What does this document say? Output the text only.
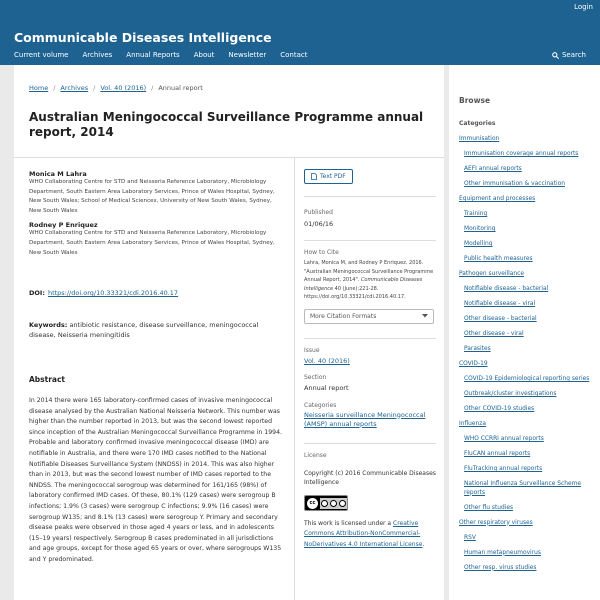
Login
Communicable Diseases Intelligence
Current volume Archives Annual Reports About Newsletter Contact	Search
Home / Archives / Vol. 40 (2016) / Annual report
Australian Meningococcal Surveillance Programme annual report, 2014
Monica M Lahra
WHO Collaborating Centre for STD and Neisseria Reference Laboratory, Microbiology Department, South Eastern Area Laboratory Services, Prince of Wales Hospital, Sydney, New South Wales; School of Medical Sciences, University of New South Wales, Sydney, New South Wales
Rodney P Enriquez
WHO Collaborating Centre for STD and Neisseria Reference Laboratory, Microbiology Department, South Eastern Area Laboratory Services, Prince of Wales Hospital, Sydney, New South Wales
DOI: https://doi.org/10.33321/cdi.2016.40.17
Keywords: antibiotic resistance, disease surveillance, meningococcal disease, Neisseria meningitidis
Abstract
In 2014 there were 165 laboratory-confirmed cases of invasive meningococcal disease analysed by the Australian National Neisseria Network. This number was higher than the number reported in 2013, but was the second lowest reported since inception of the Australian Meningococcal Surveillance Programme in 1994. Probable and laboratory confirmed invasive meningococcal disease (IMD) are notifiable in Australia, and there were 170 IMD cases notified to the National Notifiable Diseases Surveillance System (NNDSS) in 2014. This was also higher than in 2013, but was the second lowest number of IMD cases reported to the NNDSS. The meningococcal serogroup was determined for 161/165 (98%) of laboratory confirmed IMD cases. Of these, 80.1% (129 cases) were serogroup B infections; 1.9% (3 cases) were serogroup C infections; 9.9% (16 cases) were serogroup W135; and 8.1% (13 cases) were serogroup Y. Primary and secondary disease peaks were observed in those aged 4 years or less, and in adolescents (15–19 years) respectively. Serogroup B cases predominated in all jurisdictions and age groups, except for those aged 65 years or over, where serogroups W135 and Y predominated.
Text PDF
Published
01/06/16
How to Cite
Lahra, Monica M, and Rodney P Enriquez. 2016. "Australian Meningococcal Surveillance Programme Annual Report, 2014". Communicable Diseases Intelligence 40 (June):221-28. https://doi.org/10.33321/cdi.2016.40.17.
More Citation Formats
Issue
Vol. 40 (2016)
Section
Annual report
Categories
Neisseria surveillance Meningococcal (AMSP) annual reports
License
Copyright (c) 2016 Communicable Diseases Intelligence
cc
This work is licensed under a Creative Commons Attribution-NonCommercial-NoDerivatives 4.0 International License.
Browse
Categories
Immunisation
Immunisation coverage annual reports
AEFI annual reports
Other immunisation & vaccination
Equipment and processes
Training
Monitoring
Modelling
Public health measures
Pathogen surveillance
Notifiable disease - bacterial
Notifiable disease - viral
Other disease - bacterial
Other disease - viral
Parasites
COVID-19
COVID-19 Epidemiological reporting series
Outbreak/cluster investigations
Other COVID-19 studies
Influenza
WHO CCRRI annual reports
FluCAN annual reports
FluTracking annual reports
National Influenza Surveillance Scheme reports
Other flu studies
Other respiratory viruses
RSV
Human metapneumovirus
Other resp. virus studies
